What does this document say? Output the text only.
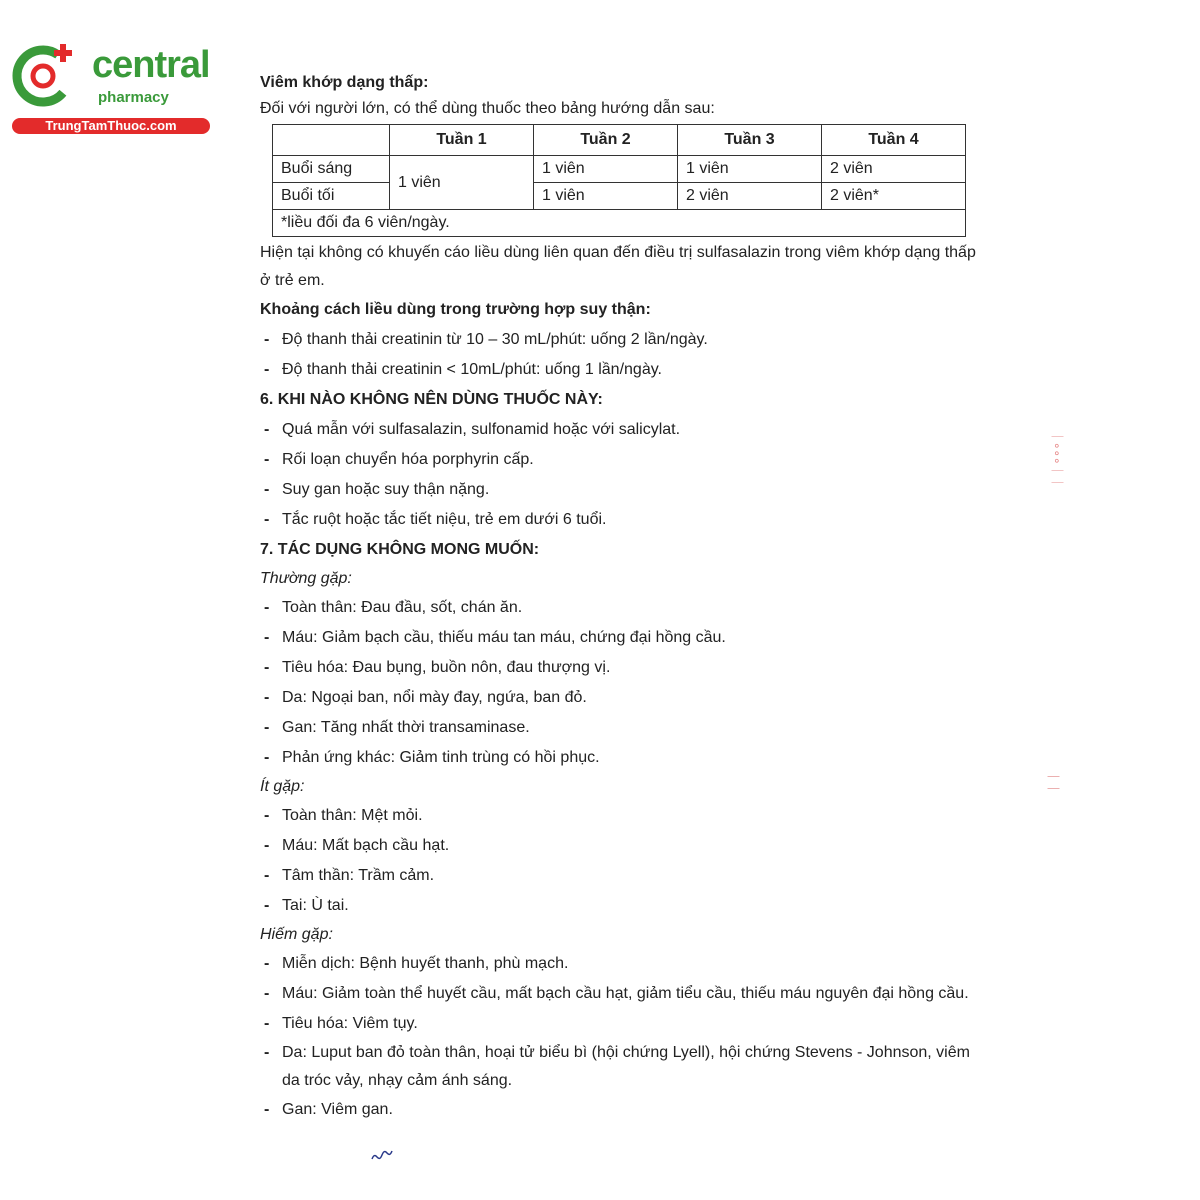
central
pharmacy
TrungTamThuoc.com
Viêm khớp dạng thấp:
Đối với người lớn, có thể dùng thuốc theo bảng hướng dẫn sau:
	Tuần 1	Tuần 2	Tuần 3	Tuần 4
Buổi sáng	1 viên	1 viên	1 viên	2 viên
Buổi tối		1 viên	2 viên	2 viên*
*liều đối đa 6 viên/ngày.				
Hiện tại không có khuyến cáo liều dùng liên quan đến điều trị sulfasalazin trong viêm khớp dạng thấp
ở trẻ em.
Khoảng cách liều dùng trong trường hợp suy thận:
- Độ thanh thải creatinin từ 10 – 30 mL/phút: uống 2 lần/ngày.
- Độ thanh thải creatinin < 10mL/phút: uống 1 lần/ngày.
6. KHI NÀO KHÔNG NÊN DÙNG THUỐC NÀY:
- Quá mẫn với sulfasalazin, sulfonamid hoặc với salicylat.
- Rối loạn chuyển hóa porphyrin cấp.
- Suy gan hoặc suy thận nặng.
- Tắc ruột hoặc tắc tiết niệu, trẻ em dưới 6 tuổi.
7. TÁC DỤNG KHÔNG MONG MUỐN:
Thường gặp:
- Toàn thân: Đau đầu, sốt, chán ăn.
- Máu: Giảm bạch cầu, thiếu máu tan máu, chứng đại hồng cầu.
- Tiêu hóa: Đau bụng, buồn nôn, đau thượng vị.
- Da: Ngoại ban, nổi mày đay, ngứa, ban đỏ.
- Gan: Tăng nhất thời transaminase.
- Phản ứng khác: Giảm tinh trùng có hồi phục.
Ít gặp:
- Toàn thân: Mệt mỏi.
- Máu: Mất bạch cầu hạt.
- Tâm thần: Trầm cảm.
- Tai: Ù tai.
Hiếm gặp:
- Miễn dịch: Bệnh huyết thanh, phù mạch.
- Máu: Giảm toàn thể huyết cầu, mất bạch cầu hạt, giảm tiểu cầu, thiếu máu nguyên đại hồng cầu.
- Tiêu hóa: Viêm tụy.
- Da: Luput ban đỏ toàn thân, hoại tử biểu bì (hội chứng Lyell), hội chứng Stevens - Johnson, viêm
da tróc vảy, nhạy cảm ánh sáng.
- Gan: Viêm gan.
｜∘∘∘｜｜
｜｜
